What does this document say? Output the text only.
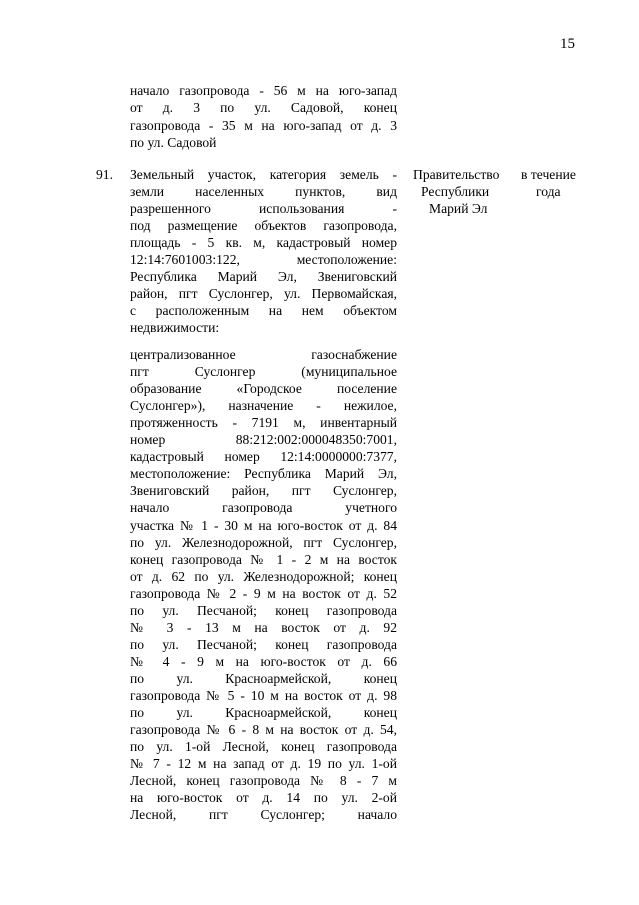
15
начало газопровода - 56 м на юго-запад
от д. 3 по ул. Садовой, конец
газопровода - 35 м на юго-запад от д. 3
по ул. Садовой
Земельный участок, категория земель -
земли населенных пунктов, вид
разрешенного использования -
под размещение объектов газопровода,
площадь - 5 кв. м, кадастровый номер
12:14:7601003:122, местоположение:
Республика Марий Эл, Звениговский
район, пгт Суслонгер, ул. Первомайская,
с расположенным на нем объектом
недвижимости:
централизованное газоснабжение
пгт Суслонгер (муниципальное
образование «Городское поселение
Суслонгер»), назначение - нежилое,
протяженность - 7191 м, инвентарный
номер 88:212:002:000048350:7001,
кадастровый номер 12:14:0000000:7377,
местоположение: Республика Марий Эл,
Звениговский район, пгт Суслонгер,
начало газопровода учетного
участка № 1 - 30 м на юго-восток от д. 84
по ул. Железнодорожной, пгт Суслонгер,
конец газопровода № 1 - 2 м на восток
от д. 62 по ул. Железнодорожной; конец
газопровода № 2 - 9 м на восток от д. 52
по ул. Песчаной; конец газопровода
№ 3 - 13 м на восток от д. 92
по ул. Песчаной; конец газопровода
№ 4 - 9 м на юго-восток от д. 66
по ул. Красноармейской, конец
газопровода № 5 - 10 м на восток от д. 98
по ул. Красноармейской, конец
газопровода № 6 - 8 м на восток от д. 54,
по ул. 1-ой Лесной, конец газопровода
№ 7 - 12 м на запад от д. 19 по ул. 1-ой
Лесной, конец газопровода № 8 - 7 м
на юго-восток от д. 14 по ул. 2-ой
Лесной, пгт Суслонгер; начало
91.	Правительство
Республики
Марий Эл
в течение
года
